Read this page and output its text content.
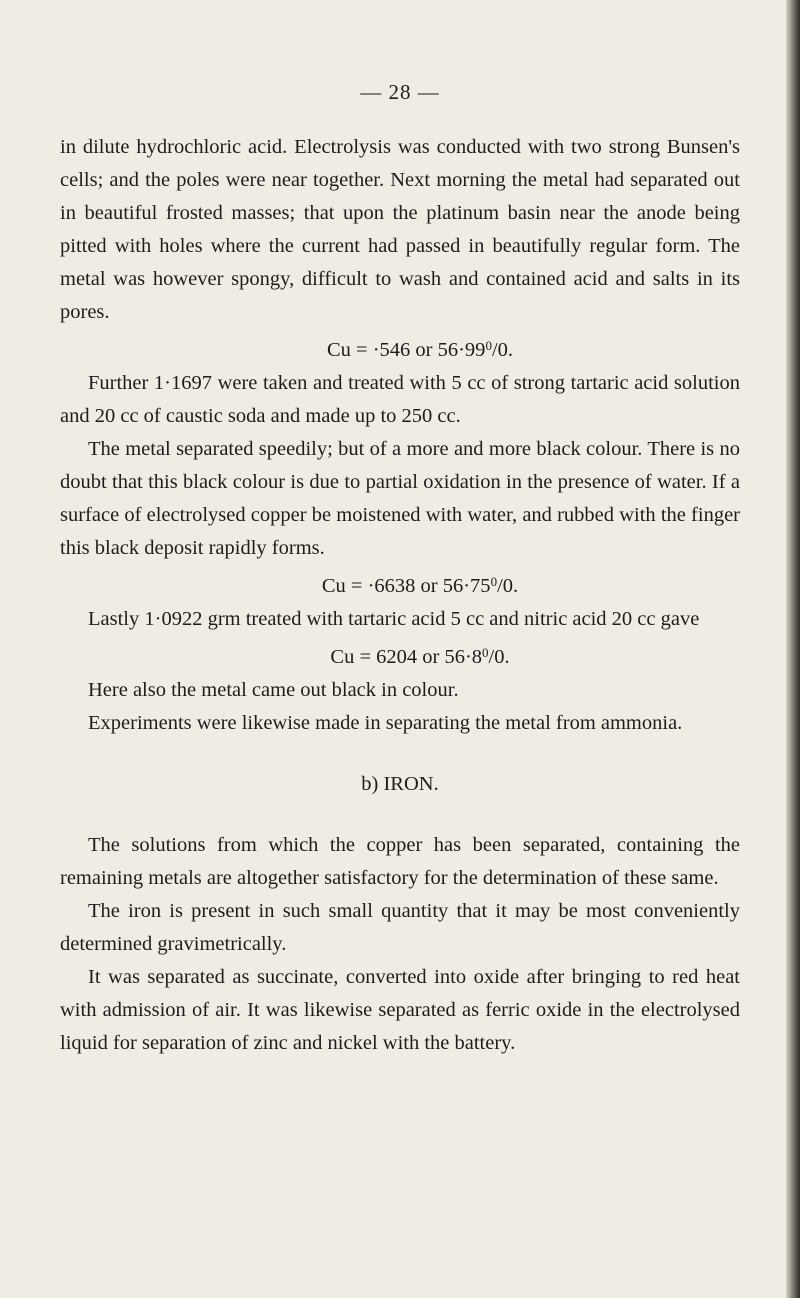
— 28 —

in dilute hydrochloric acid. Electrolysis was conducted with two strong Bunsen's cells; and the poles were near together. Next morning the metal had separated out in beautiful frosted masses; that upon the platinum basin near the anode being pitted with holes where the current had passed in beautifully regular form. The metal was however spongy, difficult to wash and contained acid and salts in its pores.

Cu = ·546 or $56\cdot 99^0/0$.

Further 1·1697 were taken and treated with 5 cc of strong tartaric acid solution and 20 cc of caustic soda and made up to 250 cc.

The metal separated speedily; but of a more and more black colour. There is no doubt that this black colour is due to partial oxidation in the presence of water. If a surface of electrolysed copper be moistened with water, and rubbed with the finger this black deposit rapidly forms.

Cu = ·6638 or $56\cdot 75^0/0$.

Lastly 1·0922 grm treated with tartaric acid 5 cc and nitric acid 20 cc gave

Cu = 6204 or $56\cdot 8^0/0$.

Here also the metal came out black in colour.

Experiments were likewise made in separating the metal from ammonia.

b) IRON.

The solutions from which the copper has been separated, containing the remaining metals are altogether satisfactory for the determination of these same.

The iron is present in such small quantity that it may be most conveniently determined gravimetrically.

It was separated as succinate, converted into oxide after bringing to red heat with admission of air. It was likewise separated as ferric oxide in the electrolysed liquid for separation of zinc and nickel with the battery.
